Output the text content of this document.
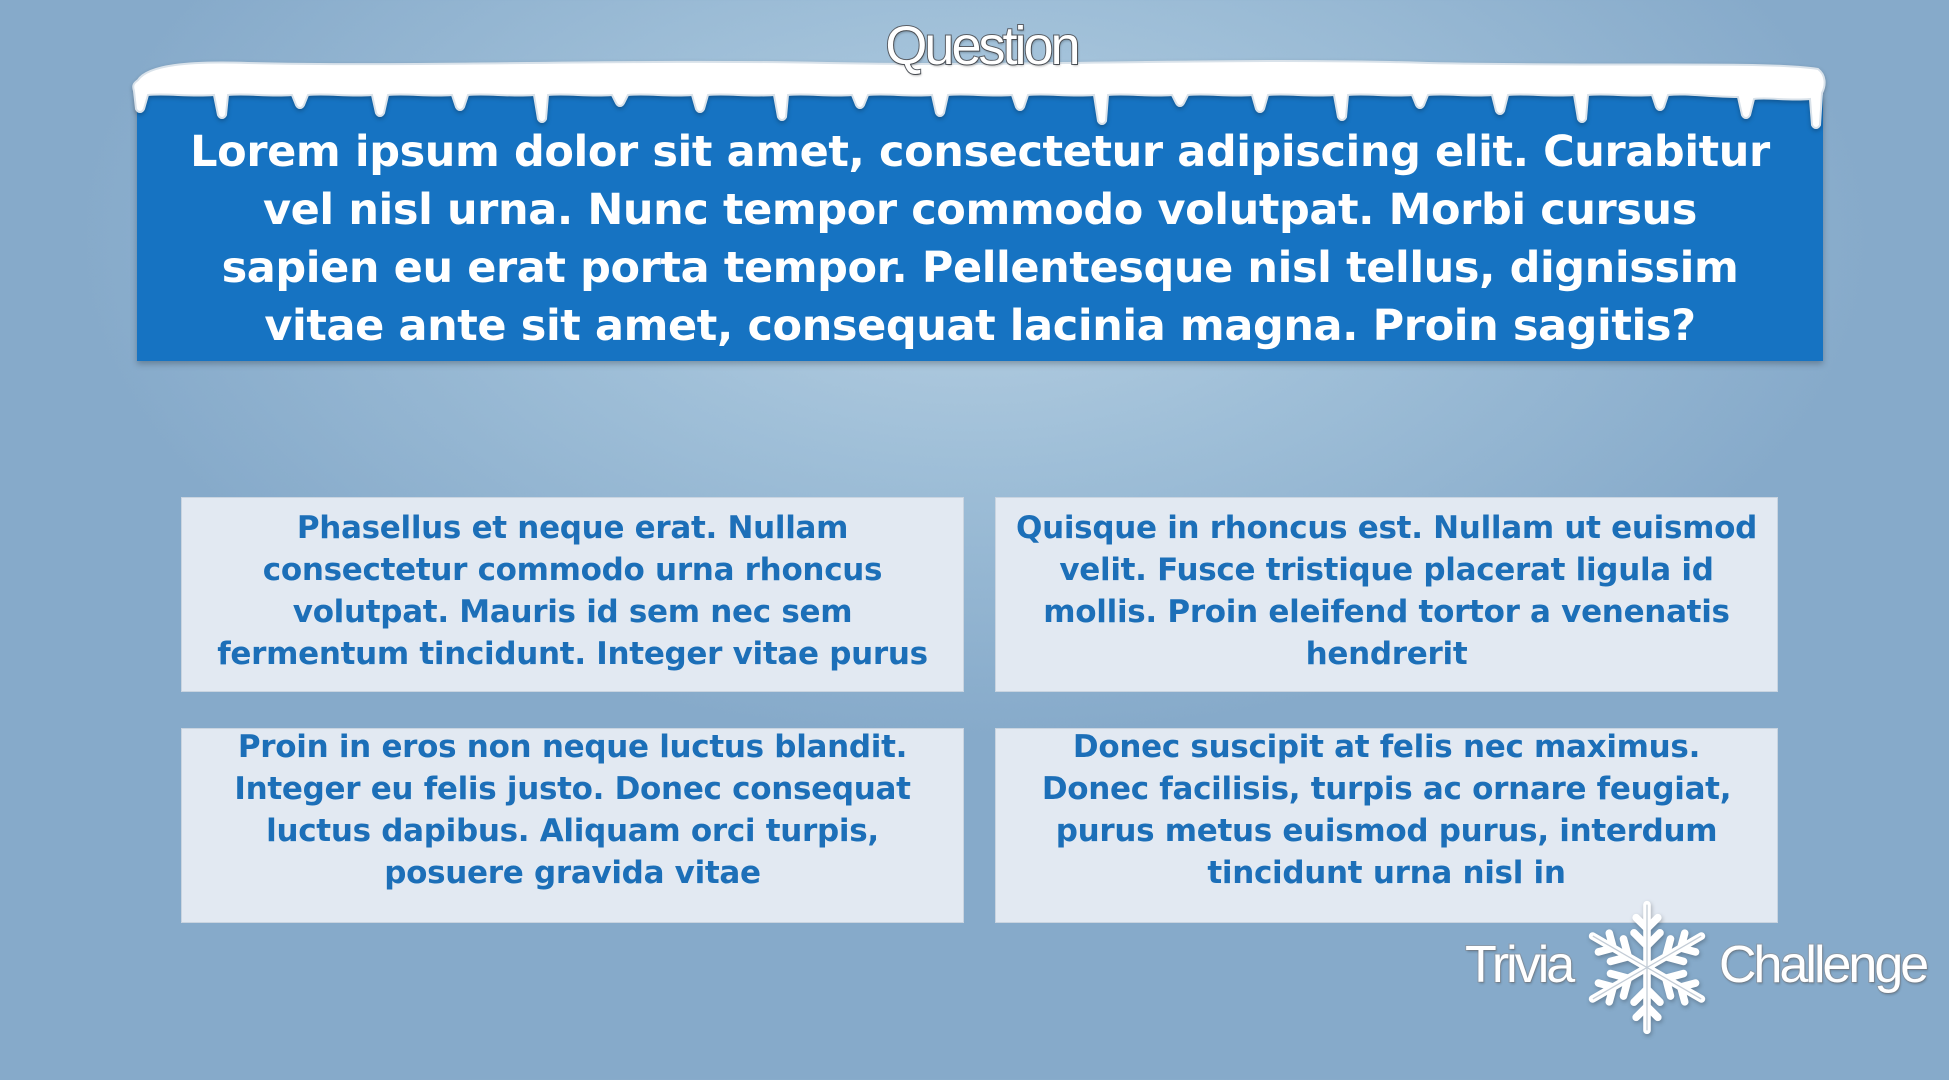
Lorem ipsum dolor sit amet, consectetur adipiscing elit. Curabitur vel nisl urna. Nunc tempor commodo volutpat. Morbi cursus sapien eu erat porta tempor. Pellentesque nisl tellus, dignissim vitae ante sit amet, consequat lacinia magna. Proin sagitis?
Question
Phasellus et neque erat. Nullam consectetur commodo urna rhoncus volutpat. Mauris id sem nec sem fermentum tincidunt. Integer vitae purus
Quisque in rhoncus est. Nullam ut euismod velit. Fusce tristique placerat ligula id mollis. Proin eleifend tortor a venenatis hendrerit
Proin in eros non neque luctus blandit. Integer eu felis justo. Donec consequat luctus dapibus. Aliquam orci turpis, posuere gravida vitae
Donec suscipit at felis nec maximus. Donec facilisis, turpis ac ornare feugiat, purus metus euismod purus, interdum tincidunt urna nisl in
Trivia	Challenge
